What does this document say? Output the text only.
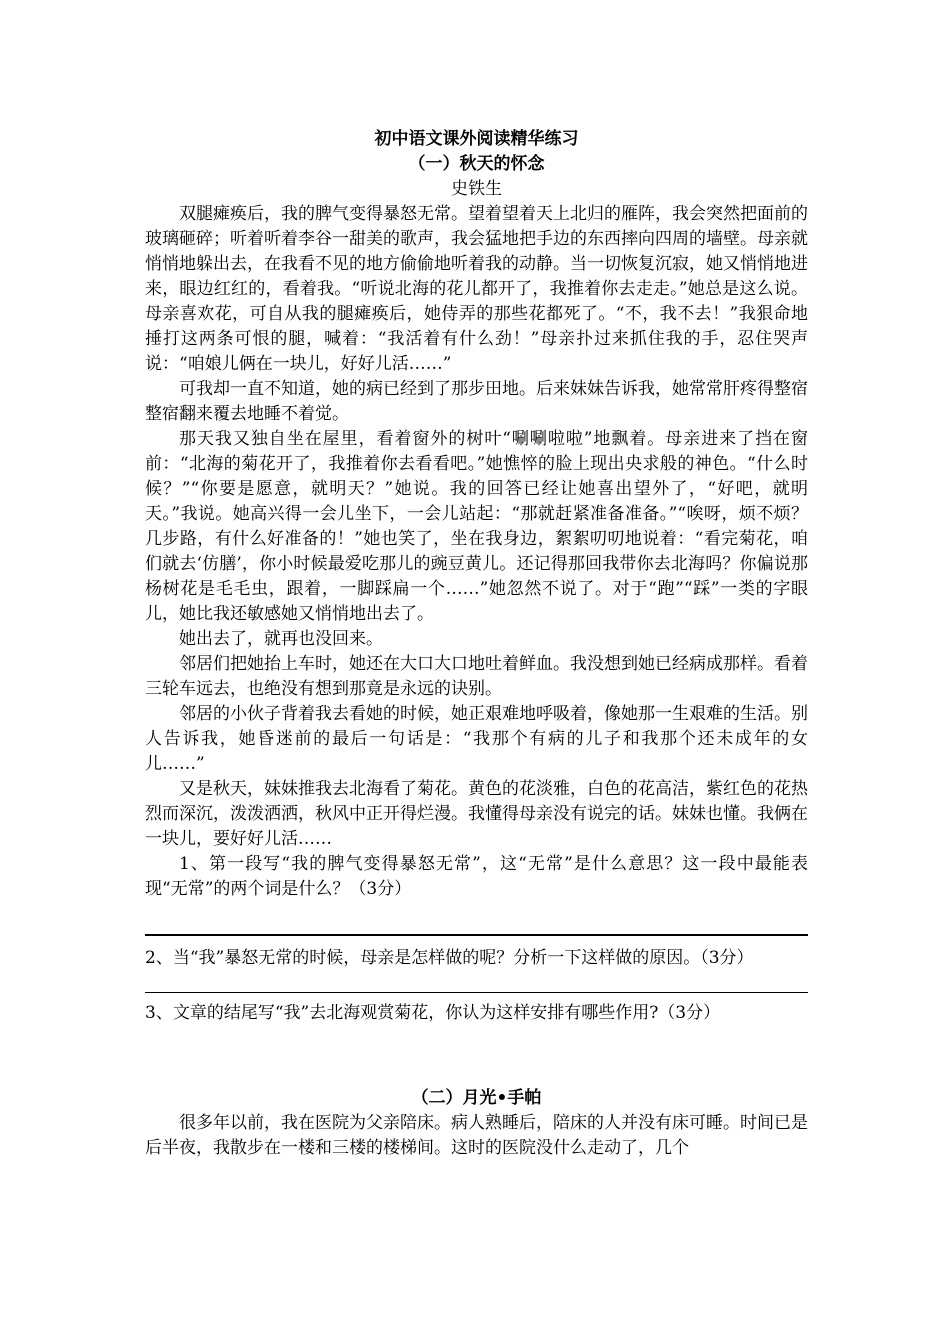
初中语文课外阅读精华练习
（一）秋天的怀念
史铁生

双腿瘫痪后，我的脾气变得暴怒无常。望着望着天上北归的雁阵，我会突然把面前的玻璃砸碎；听着听着李谷一甜美的歌声，我会猛地把手边的东西摔向四周的墙壁。母亲就悄悄地躲出去，在我看不见的地方偷偷地听着我的动静。当一切恢复沉寂，她又悄悄地进来，眼边红红的，看着我。“听说北海的花儿都开了，我推着你去走走。”她总是这么说。母亲喜欢花，可自从我的腿瘫痪后，她侍弄的那些花都死了。“不，我不去！”我狠命地捶打这两条可恨的腿，喊着：“我活着有什么劲！”母亲扑过来抓住我的手，忍住哭声说：“咱娘儿俩在一块儿，好好儿活……”

可我却一直不知道，她的病已经到了那步田地。后来妹妹告诉我，她常常肝疼得整宿整宿翻来覆去地睡不着觉。

那天我又独自坐在屋里，看着窗外的树叶“唰唰啦啦”地飘着。母亲进来了挡在窗前：“北海的菊花开了，我推着你去看看吧。”她憔悴的脸上现出央求般的神色。“什么时候？”“你要是愿意，就明天？”她说。我的回答已经让她喜出望外了，“好吧，就明天。”我说。她高兴得一会儿坐下，一会儿站起：“那就赶紧准备准备。”“唉呀，烦不烦？几步路，有什么好准备的！”她也笑了，坐在我身边，絮絮叨叨地说着：“看完菊花，咱们就去‘仿膳’，你小时候最爱吃那儿的豌豆黄儿。还记得那回我带你去北海吗？你偏说那杨树花是毛毛虫，跟着，一脚踩扁一个……”她忽然不说了。对于“跑”“踩”一类的字眼儿，她比我还敏感她又悄悄地出去了。

她出去了，就再也没回来。

邻居们把她抬上车时，她还在大口大口地吐着鲜血。我没想到她已经病成那样。看着三轮车远去，也绝没有想到那竟是永远的诀别。

邻居的小伙子背着我去看她的时候，她正艰难地呼吸着，像她那一生艰难的生活。别人告诉我，她昏迷前的最后一句话是：“我那个有病的儿子和我那个还未成年的女儿……”

又是秋天，妹妹推我去北海看了菊花。黄色的花淡雅，白色的花高洁，紫红色的花热烈而深沉，泼泼洒洒，秋风中正开得烂漫。我懂得母亲没有说完的话。妹妹也懂。我俩在一块儿，要好好儿活……

1、第一段写“我的脾气变得暴怒无常”，这“无常”是什么意思？这一段中最能表现“无常”的两个词是什么？（3分）

2、当“我”暴怒无常的时候，母亲是怎样做的呢？分析一下这样做的原因。（3分）

3、文章的结尾写“我”去北海观赏菊花，你认为这样安排有哪些作用?（3分）

（二）月光•手帕

很多年以前，我在医院为父亲陪床。病人熟睡后，陪床的人并没有床可睡。时间已是后半夜，我散步在一楼和三楼的楼梯间。这时的医院没什么走动了，几个
